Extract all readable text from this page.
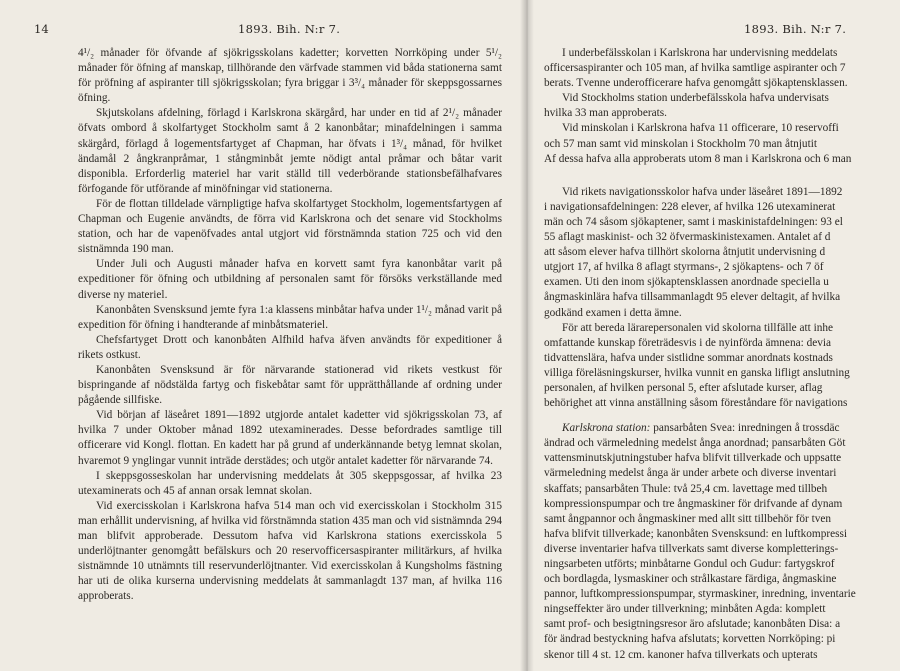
14	1893. Bih. N:r 7.

4¹/₂ månader för öfvande af sjökrigsskolans kadetter; korvetten Norrköping under 5¹/₂ månader för öfning af manskap, tillhörande den värfvade stammen vid båda stationerna samt för pröfning af aspiranter till sjökrigsskolan; fyra briggar i 3³/₄ månader för skeppsgossarnes öfning.

Skjutskolans afdelning, förlagd i Karlskrona skärgård, har under en tid af 2¹/₂ månader öfvats ombord å skolfartyget Stockholm samt å 2 kanonbåtar; minafdelningen i samma skärgård, förlagd å logementsfartyget af Chapman, har öfvats i 1³/₄ månad, för hvilket ändamål 2 ångkranpråmar, 1 stångminbåt jemte nödigt antal pråmar och båtar varit disponibla. Erforderlig materiel har varit ställd till vederbörande stationsbefälhafvares förfogande för utförande af minöfningar vid stationerna.

För de flottan tilldelade värnpligtige hafva skolfartyget Stockholm, logementsfartygen af Chapman och Eugenie användts, de förra vid Karlskrona och det senare vid Stockholms station, och har de vapenöfvades antal utgjort vid förstnämnda station 725 och vid den sistnämnda 190 man.

Under Juli och Augusti månader hafva en korvett samt fyra kanonbåtar varit på expeditioner för öfning och utbildning af personalen samt för försöks verkställande med diverse ny materiel.

Kanonbåten Svensksund jemte fyra 1:a klassens minbåtar hafva under 1¹/₂ månad varit på expedition för öfning i handterande af minbåtsmateriel.

Chefsfartyget Drott och kanonbåten Alfhild hafva äfven användts för expeditioner å rikets ostkust.

Kanonbåten Svensksund är för närvarande stationerad vid rikets vestkust för bispringande af nödstälda fartyg och fiskebåtar samt för upprätthållande af ordning under pågående sillfiske.

Vid början af läseåret 1891—1892 utgjorde antalet kadetter vid sjökrigsskolan 73, af hvilka 7 under Oktober månad 1892 utexaminerades. Desse befordrades samtlige till officerare vid Kongl. flottan. En kadett har på grund af underkännande betyg lemnat skolan, hvaremot 9 ynglingar vunnit inträde derstädes; och utgör antalet kadetter för närvarande 74.

I skeppsgosseskolan har undervisning meddelats åt 305 skeppsgossar, af hvilka 23 utexaminerats och 45 af annan orsak lemnat skolan.

Vid exercisskolan i Karlskrona hafva 514 man och vid exercisskolan i Stockholm 315 man erhållit undervisning, af hvilka vid förstnämnda station 435 man och vid sistnämnda 294 man blifvit approberade. Dessutom hafva vid Karlskrona stations exercisskola 5 underlöjtnanter genomgått befälskurs och 20 reservofficersaspiranter militärkurs, af hvilka sistnämnde 10 utnämnts till reservunderlöjtnanter. Vid exercisskolan å Kungsholms fästning har uti de olika kurserna undervisning meddelats åt sammanlagdt 137 man, af hvilka 116 approberats.

1893. Bih. N:r 7.

I underbefälsskolan i Karlskrona har undervisning meddelats

officersaspiranter och 105 man, af hvilka samtlige aspiranter och 7

berats. Tvenne underofficerare hafva genomgått sjökaptensklassen.

Vid Stockholms station underbefälsskola hafva undervisats

hvilka 33 man approberats.

Vid minskolan i Karlskrona hafva 11 officerare, 10 reservoffi

och 57 man samt vid minskolan i Stockholm 70 man åtnjutit

Af dessa hafva alla approberats utom 8 man i Karlskrona och 6 man

Vid rikets navigationsskolor hafva under läseåret 1891—1892

i navigationsafdelningen: 228 elever, af hvilka 126 utexaminerat

män och 74 såsom sjökaptener, samt i maskinistafdelningen: 93 el

55 aflagt maskinist- och 32 öfvermaskinistexamen. Antalet af d

att såsom elever hafva tillhört skolorna åtnjutit undervisning d

utgjort 17, af hvilka 8 aflagt styrmans-, 2 sjökaptens- och 7 öf

examen. Uti den inom sjökaptensklassen anordnade speciella u

ångmaskinlära hafva tillsammanlagdt 95 elever deltagit, af hvilka

godkänd examen i detta ämne.

För att bereda lärarepersonalen vid skolorna tillfälle att inhe

omfattande kunskap företrädesvis i de nyinförda ämnena: devia

tidvattenslära, hafva under sistlidne sommar anordnats kostnads

villiga föreläsningskurser, hvilka vunnit en ganska lifligt anslutning

personalen, af hvilken personal 5, efter afslutade kurser, aflag

behörighet att vinna anställning såsom föreståndare för navigations

Karlskrona station: pansarbåten Svea: inredningen å trossdäc

ändrad och värmeledning medelst ånga anordnad; pansarbåten Göt

vattensminutskjutningstuber hafva blifvit tillverkade och uppsatte

värmeledning medelst ånga är under arbete och diverse inventari

skaffats; pansarbåten Thule: två 25,4 cm. lavettage med tillbeh

kompressionspumpar och tre ångmaskiner för drifvande af dynam

samt ångpannor och ångmaskiner med allt sitt tillbehör för tven

hafva blifvit tillverkade; kanonbåten Svensksund: en luftkompressi

diverse inventarier hafva tillverkats samt diverse kompletterings-

ningsarbeten utförts; minbåtarne Gondul och Gudur: fartygskrof

och bordlagda, lysmaskiner och strålkastare färdiga, ångmaskine

pannor, luftkompressionspumpar, styrmaskiner, inredning, inventarie

ningseffekter äro under tillverkning; minbåten Agda: komplett

samt prof- och besigtningsresor äro afslutade; kanonbåten Disa: a

för ändrad bestyckning hafva afslutats; korvetten Norrköping: pi

skenor till 4 st. 12 cm. kanoner hafva tillverkats och upterats
